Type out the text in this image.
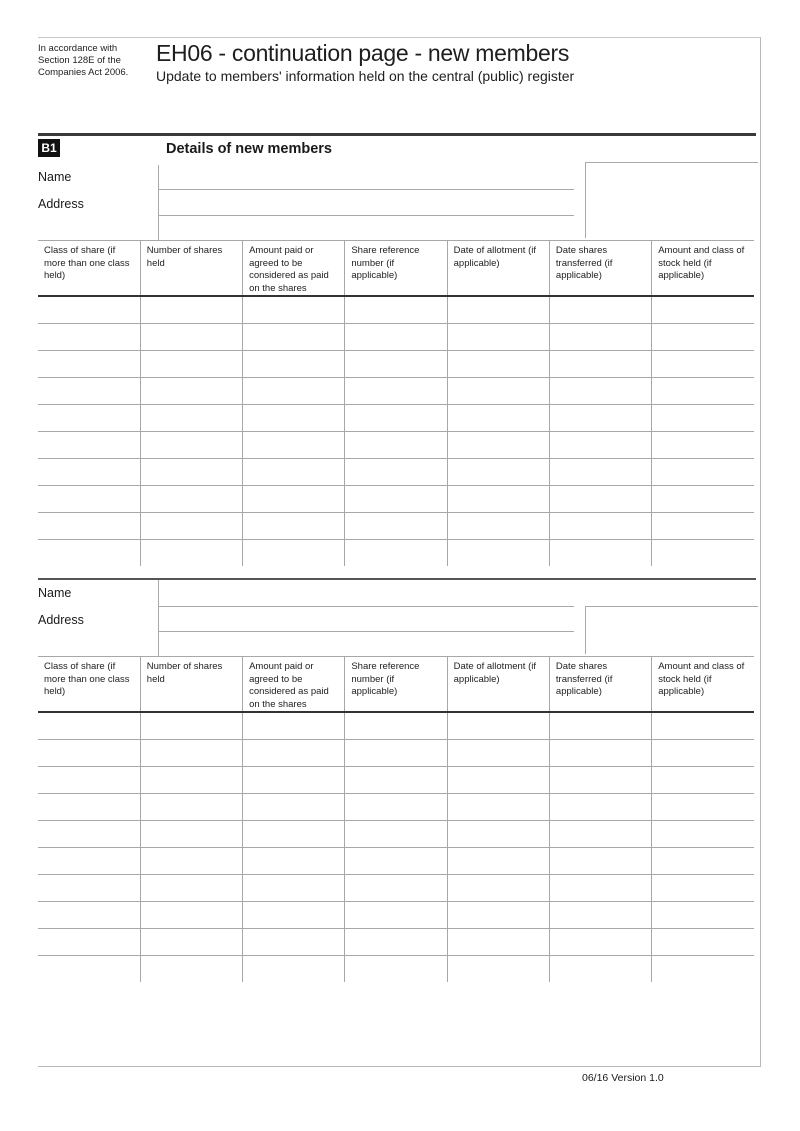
In accordance with
Section 128E of the
Companies Act 2006.
EH06 - continuation page - new members
Update to members' information held on the central (public) register
B1	Details of new members
Name
Address
Class of share (if more than one class held)	Number of shares held	Amount paid or agreed to be considered as paid on the shares	Share reference number (if applicable)	Date of allotment (if applicable)	Date shares transferred (if applicable)	Amount and class of stock held (if applicable)

Name
Address
Class of share (if more than one class held)	Number of shares held	Amount paid or agreed to be considered as paid on the shares	Share reference number (if applicable)	Date of allotment (if applicable)	Date shares transferred (if applicable)	Amount and class of stock held (if applicable)

06/16 Version 1.0
